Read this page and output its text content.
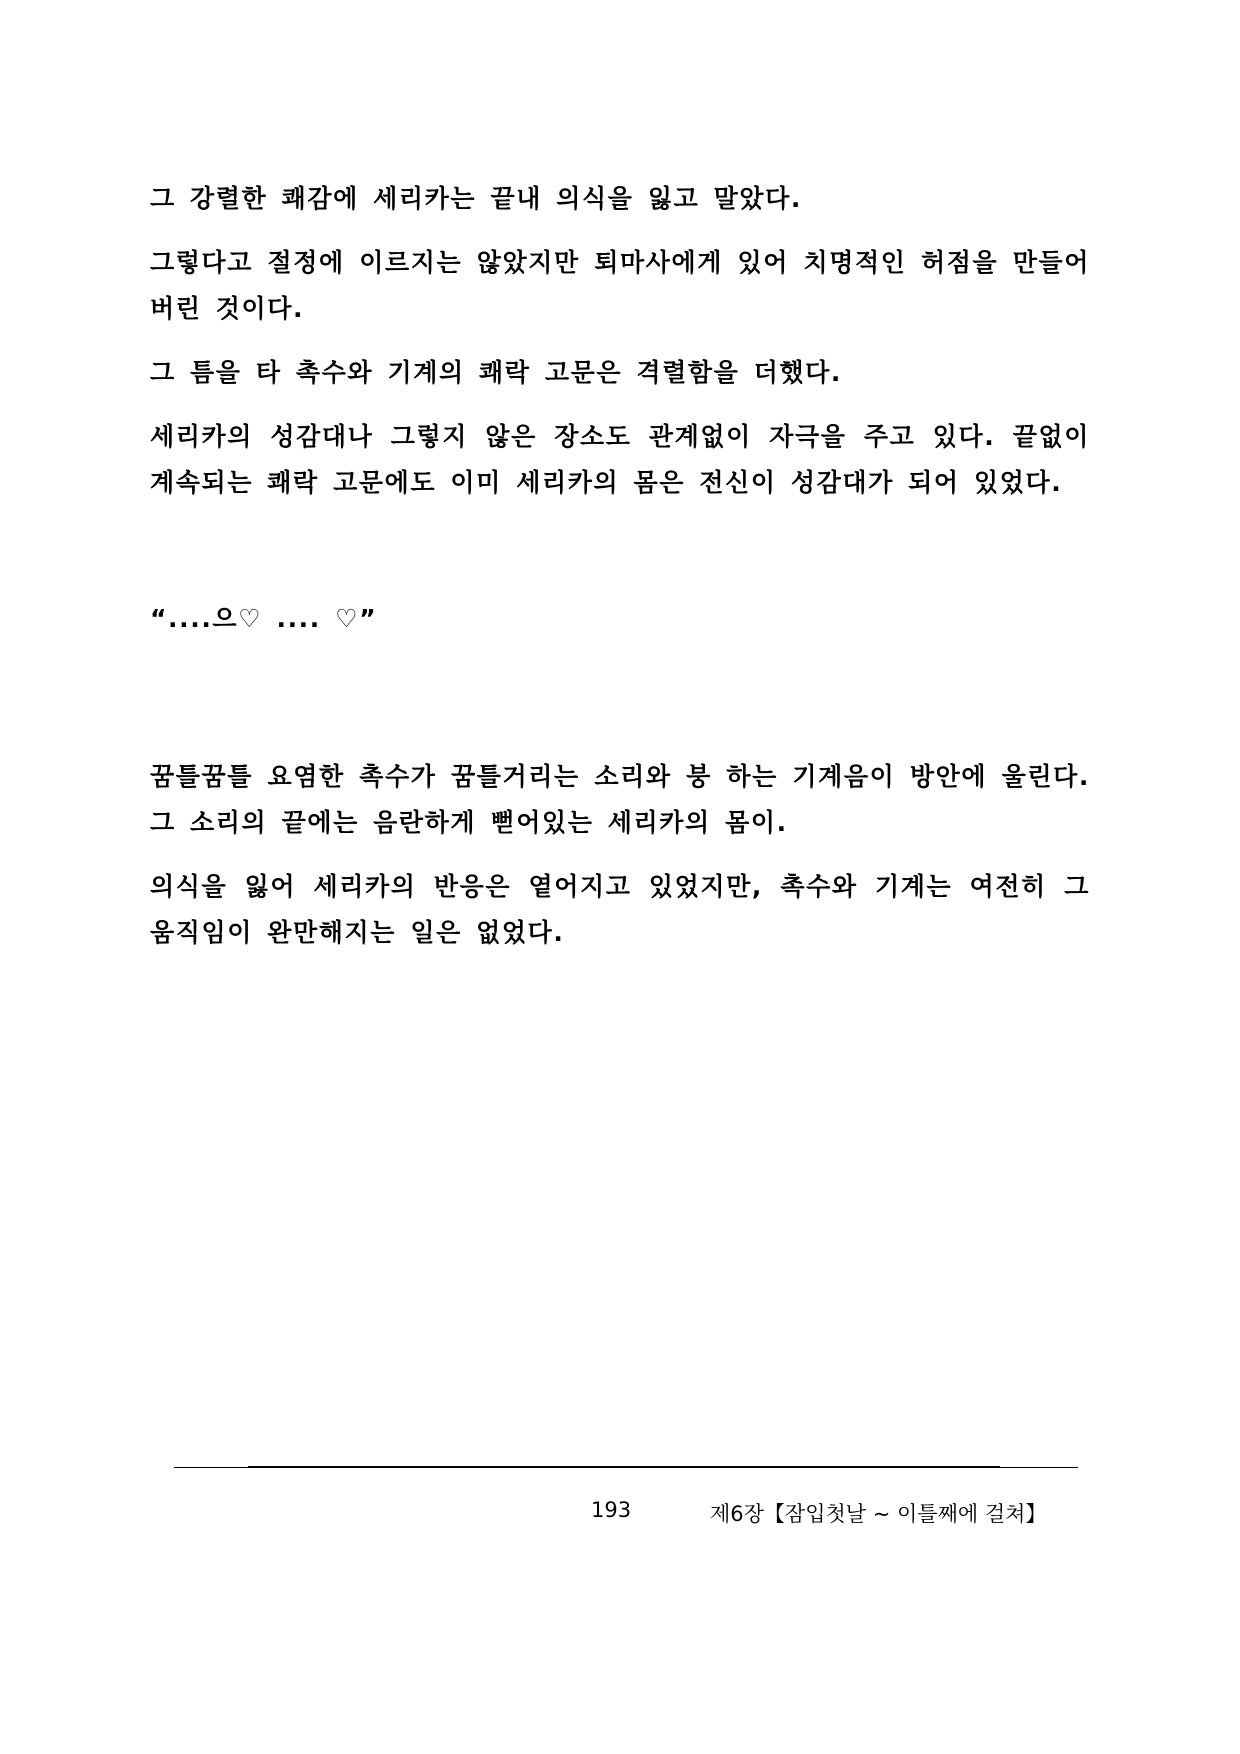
그 강렬한 쾌감에 세리카는 끝내 의식을 잃고 말았다.

그렇다고 절정에 이르지는 않았지만 퇴마사에게 있어 치명적인 허점을 만들어 버린 것이다.

그 틈을 타 촉수와 기계의 쾌락 고문은 격렬함을 더했다.

세리카의 성감대나 그렇지 않은 장소도 관계없이 자극을 주고 있다. 끝없이 계속되는 쾌락 고문에도 이미 세리카의 몸은 전신이 성감대가 되어 있었다.

“....으♡ .... ♡”

꿈틀꿈틀 요염한 촉수가 꿈틀거리는 소리와 붕 하는 기계음이 방안에 울린다. 그 소리의 끝에는 음란하게 뻗어있는 세리카의 몸이.

의식을 잃어 세리카의 반응은 옅어지고 있었지만, 촉수와 기계는 여전히 그 움직임이 완만해지는 일은 없었다.

193	제6장【잠입첫날 ~ 이틀째에 걸쳐】
